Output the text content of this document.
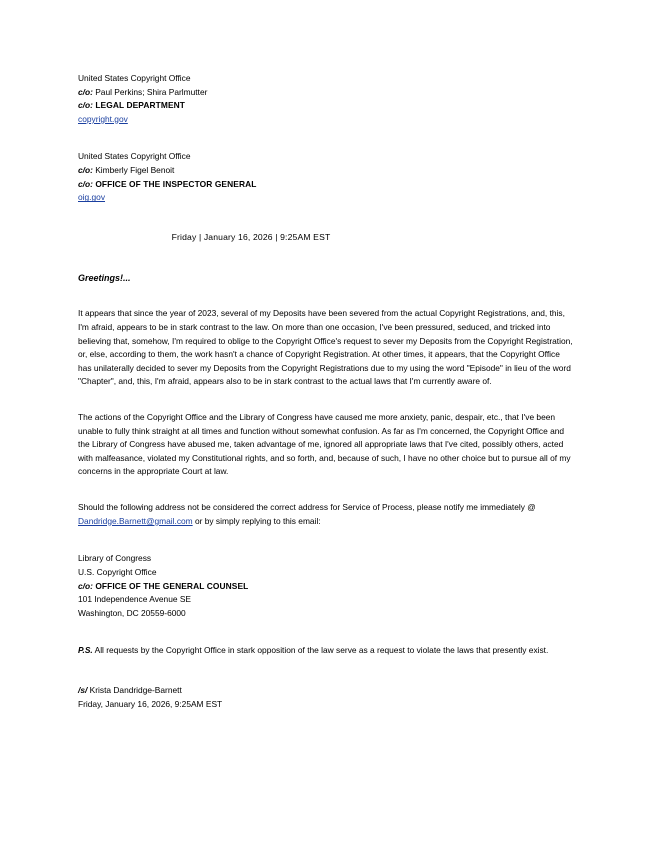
United States Copyright Office
c/o: Paul Perkins; Shira Parlmutter
c/o: LEGAL DEPARTMENT
copyright.gov
United States Copyright Office
c/o: Kimberly Figel Benoit
c/o: OFFICE OF THE INSPECTOR GENERAL
oig.gov
Friday | January 16, 2026 | 9:25AM EST
Greetings!...

It appears that since the year of 2023, several of my Deposits have been severed from the actual Copyright Registrations, and, this, I'm afraid, appears to be in stark contrast to the law. On more than one occasion, I've been pressured, seduced, and tricked into believing that, somehow, I'm required to oblige to the Copyright Office's request to sever my Deposits from the Copyright Registration, or, else, according to them, the work hasn't a chance of Copyright Registration. At other times, it appears, that the Copyright Office has unilaterally decided to sever my Deposits from the Copyright Registrations due to my using the word "Episode" in lieu of the word "Chapter", and, this, I'm afraid, appears also to be in stark contrast to the actual laws that I'm currently aware of.

The actions of the Copyright Office and the Library of Congress have caused me more anxiety, panic, despair, etc., that I've been unable to fully think straight at all times and function without somewhat confusion. As far as I'm concerned, the Copyright Office and the Library of Congress have abused me, taken advantage of me, ignored all appropriate laws that I've cited, possibly others, acted with malfeasance, violated my Constitutional rights, and so forth, and, because of such, I have no other choice but to pursue all of my concerns in the appropriate Court at law.

Should the following address not be considered the correct address for Service of Process, please notify me immediately @ Dandridge.Barnett@gmail.com or by simply replying to this email:

Library of Congress
U.S. Copyright Office
c/o: OFFICE OF THE GENERAL COUNSEL
101 Independence Avenue SE
Washington, DC 20559-6000

P.S. All requests by the Copyright Office in stark opposition of the law serve as a request to violate the laws that presently exist.

/s/ Krista Dandridge-Barnett
Friday, January 16, 2026, 9:25AM EST
